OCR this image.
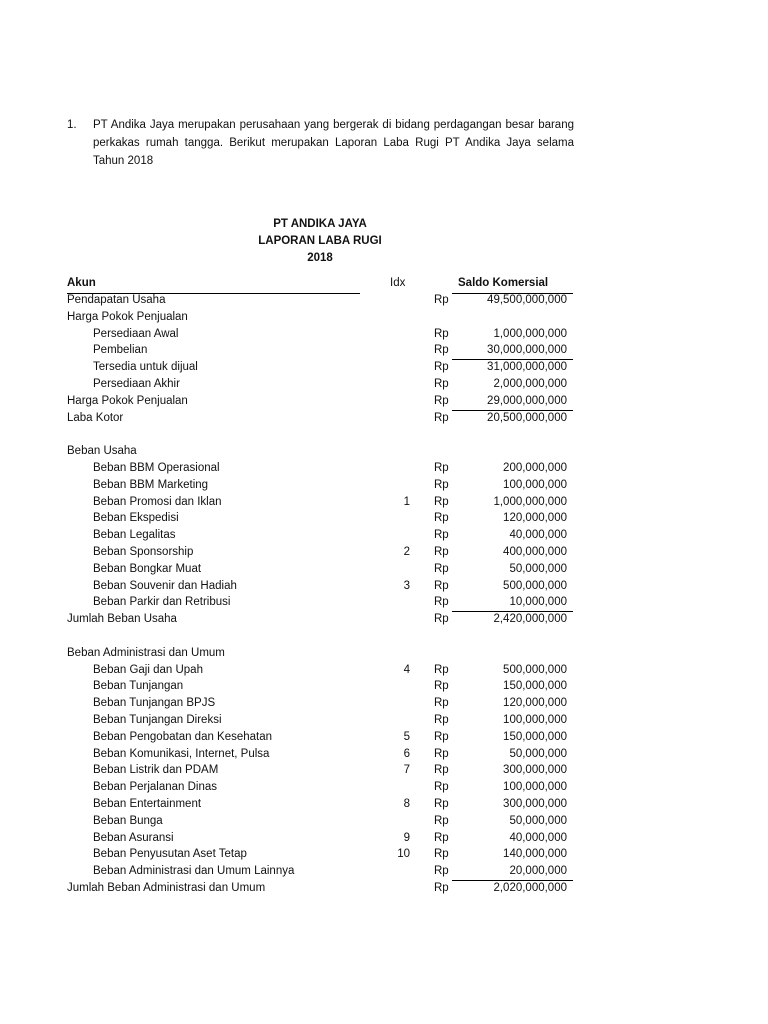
1. PT Andika Jaya merupakan perusahaan yang bergerak di bidang perdagangan besar barang perkakas rumah tangga. Berikut merupakan Laporan Laba Rugi PT Andika Jaya selama Tahun 2018
PT ANDIKA JAYA
LAPORAN LABA RUGI
2018
Akun	Idx	Saldo Komersial
Pendapatan Usaha	Rp	49,500,000,000
Harga Pokok Penjualan
Persediaan Awal	Rp	1,000,000,000
Pembelian	Rp	30,000,000,000
Tersedia untuk dijual	Rp	31,000,000,000
Persediaan Akhir	Rp	2,000,000,000
Harga Pokok Penjualan	Rp	29,000,000,000
Laba Kotor	Rp	20,500,000,000
Beban Usaha
Beban BBM Operasional	Rp	200,000,000
Beban BBM Marketing	Rp	100,000,000
Beban Promosi dan Iklan	1 Rp	1,000,000,000
Beban Ekspedisi	Rp	120,000,000
Beban Legalitas	Rp	40,000,000
Beban Sponsorship	2 Rp	400,000,000
Beban Bongkar Muat	Rp	50,000,000
Beban Souvenir dan Hadiah	3 Rp	500,000,000
Beban Parkir dan Retribusi	Rp	10,000,000
Jumlah Beban Usaha	Rp	2,420,000,000
Beban Administrasi dan Umum
Beban Gaji dan Upah	4 Rp	500,000,000
Beban Tunjangan	Rp	150,000,000
Beban Tunjangan BPJS	Rp	120,000,000
Beban Tunjangan Direksi	Rp	100,000,000
Beban Pengobatan dan Kesehatan	5 Rp	150,000,000
Beban Komunikasi, Internet, Pulsa	6 Rp	50,000,000
Beban Listrik dan PDAM	7 Rp	300,000,000
Beban Perjalanan Dinas	Rp	100,000,000
Beban Entertainment	8 Rp	300,000,000
Beban Bunga	Rp	50,000,000
Beban Asuransi	9 Rp	40,000,000
Beban Penyusutan Aset Tetap	10 Rp	140,000,000
Beban Administrasi dan Umum Lainnya	Rp	20,000,000
Jumlah Beban Administrasi dan Umum	Rp	2,020,000,000
